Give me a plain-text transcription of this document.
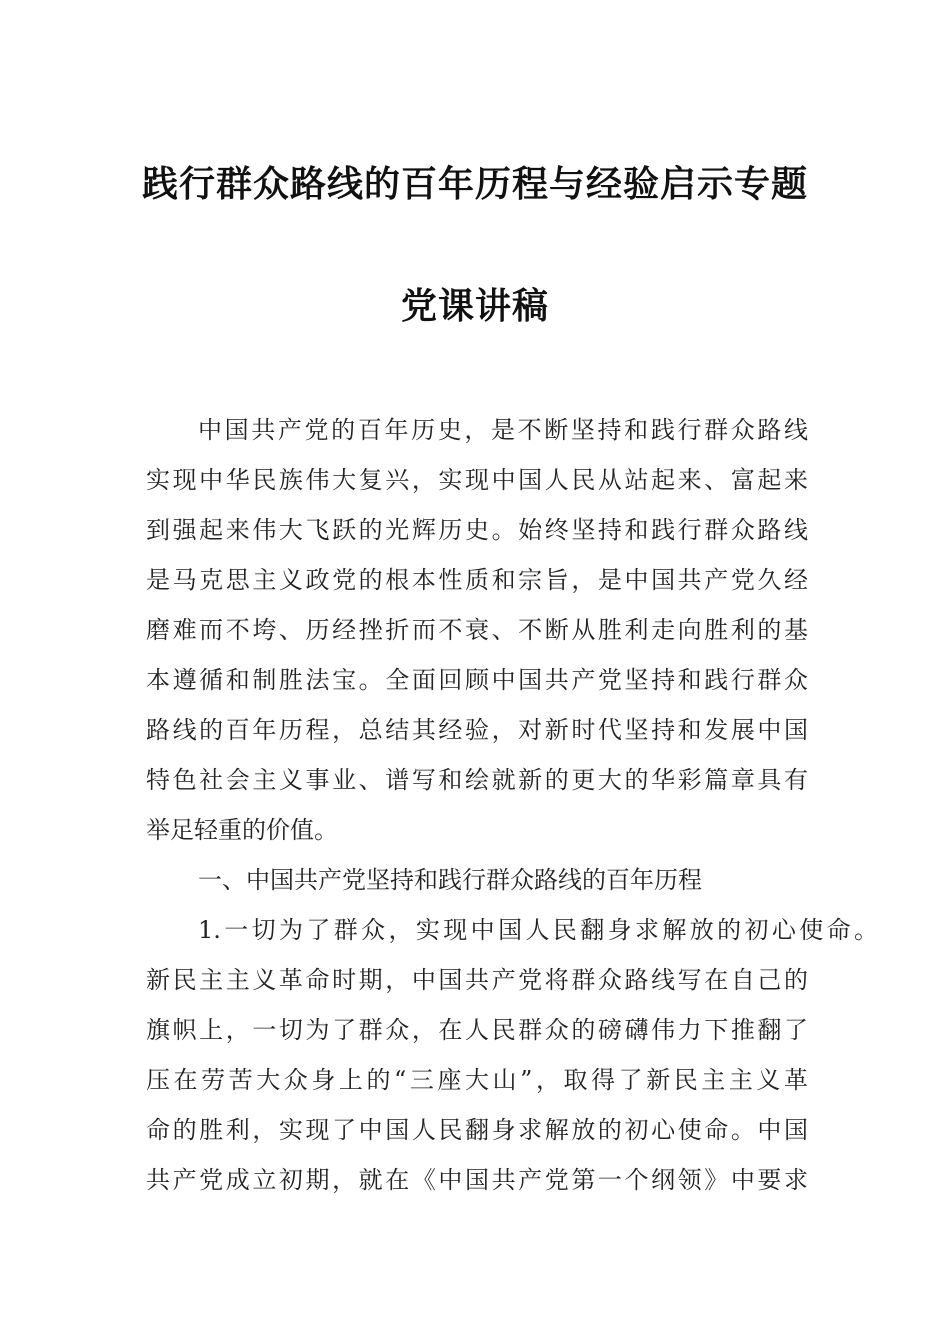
践行群众路线的百年历程与经验启示专题
党课讲稿
中国共产党的百年历史，是不断坚持和践行群众路线
实现中华民族伟大复兴，实现中国人民从站起来、富起来
到强起来伟大飞跃的光辉历史。始终坚持和践行群众路线
是马克思主义政党的根本性质和宗旨，是中国共产党久经
磨难而不垮、历经挫折而不衰、不断从胜利走向胜利的基
本遵循和制胜法宝。全面回顾中国共产党坚持和践行群众
路线的百年历程，总结其经验，对新时代坚持和发展中国
特色社会主义事业、谱写和绘就新的更大的华彩篇章具有
举足轻重的价值。
一、中国共产党坚持和践行群众路线的百年历程
1.一切为了群众，实现中国人民翻身求解放的初心使命。
新民主主义革命时期，中国共产党将群众路线写在自己的
旗帜上，一切为了群众，在人民群众的磅礴伟力下推翻了
压在劳苦大众身上的“三座大山”，取得了新民主主义革
命的胜利，实现了中国人民翻身求解放的初心使命。中国
共产党成立初期，就在《中国共产党第一个纲领》中要求
